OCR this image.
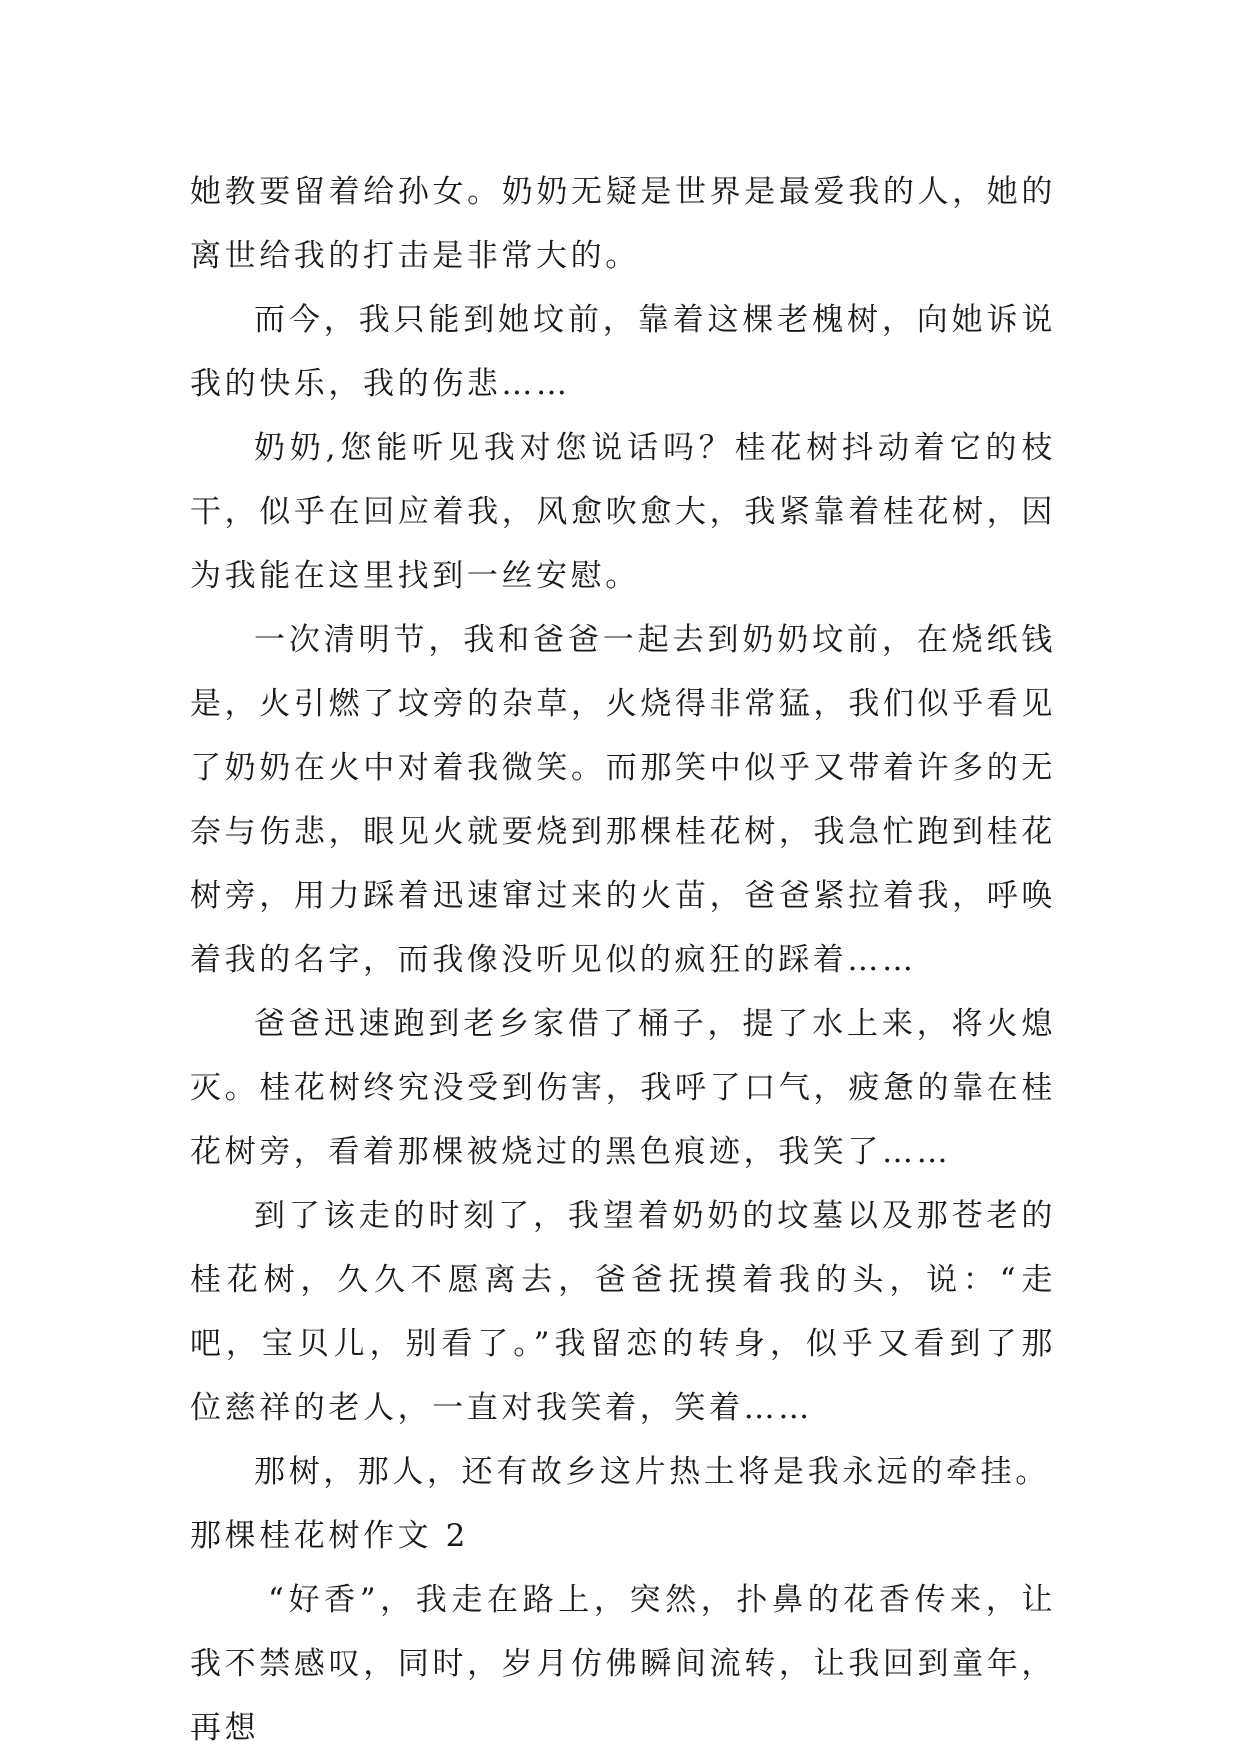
她教要留着给孙女。奶奶无疑是世界是最爱我的人，她的离世给我的打击是非常大的。

而今，我只能到她坟前，靠着这棵老槐树，向她诉说我的快乐，我的伤悲……

奶奶,您能听见我对您说话吗？桂花树抖动着它的枝干，似乎在回应着我，风愈吹愈大，我紧靠着桂花树，因为我能在这里找到一丝安慰。

一次清明节，我和爸爸一起去到奶奶坟前，在烧纸钱是，火引燃了坟旁的杂草，火烧得非常猛，我们似乎看见了奶奶在火中对着我微笑。而那笑中似乎又带着许多的无奈与伤悲，眼见火就要烧到那棵桂花树，我急忙跑到桂花树旁，用力踩着迅速窜过来的火苗，爸爸紧拉着我，呼唤着我的名字，而我像没听见似的疯狂的踩着……

爸爸迅速跑到老乡家借了桶子，提了水上来，将火熄灭。桂花树终究没受到伤害，我呼了口气，疲惫的靠在桂花树旁，看着那棵被烧过的黑色痕迹，我笑了……

到了该走的时刻了，我望着奶奶的坟墓以及那苍老的桂花树，久久不愿离去，爸爸抚摸着我的头，说：“走吧，宝贝儿，别看了。”我留恋的转身，似乎又看到了那位慈祥的老人，一直对我笑着，笑着……

那树，那人，还有故乡这片热土将是我永远的牵挂。

那棵桂花树作文 2

“好香”，我走在路上，突然，扑鼻的花香传来，让我不禁感叹，同时，岁月仿佛瞬间流转，让我回到童年，再想
